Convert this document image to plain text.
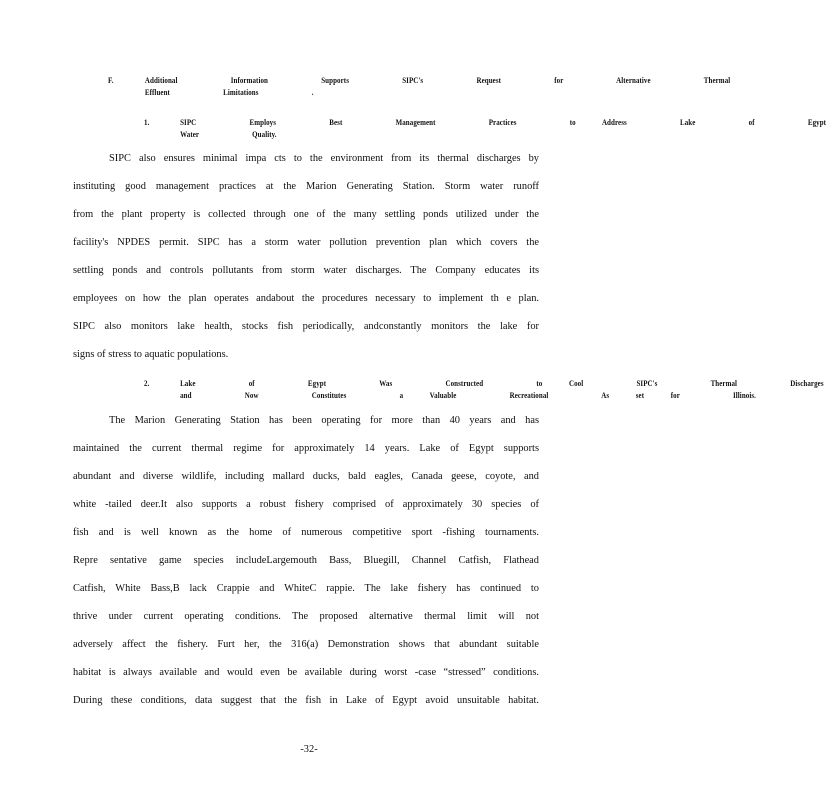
F.	Additional    Information    Supports    SIPC's    Request    for    Alternative    Thermal
Effluent    Limitations    .
1.	SIPC    Employs    Best    Management    Practices    to  Address    Lake    of    Egypt
Water    Quality.
SIPC also ensures minimal impa cts to the environment from its thermal discharges by
instituting good management practices at the Marion Generating Station. Storm water runoff
from the plant property is collected through one of the many settling ponds utilized under the
facility's NPDES permit. SIPC has a storm water pollution prevention plan which covers the
settling ponds and controls pollutants from storm water discharges. The Company educates its
employees on how the plan operates andabout the procedures necessary to implement th e plan.
SIPC also monitors lake health, stocks fish periodically, andconstantly monitors the lake for
signs of stress to aquatic populations.
2.	Lake    of    Egypt    Was    Constructed    to  Cool    SIPC's    Thermal    Discharges
and    Now    Constitutes    a  Valuable    Recreational    As  set  for    Illinois.
The Marion Generating Station has been operating for more than 40 years and has
maintained the current thermal regime for approximately 14 years. Lake of Egypt supports
abundant and diverse wildlife, including mallard ducks, bald eagles, Canada geese, coyote, and
white -tailed deer.It also supports a robust fishery comprised of approximately 30 species of
fish and is well known as the home of numerous competitive sport -fishing tournaments.
Repre sentative game species includeLargemouth Bass, Bluegill, Channel Catfish, Flathead
Catfish, White Bass,B lack Crappie and WhiteC rappie. The lake fishery has continued to
thrive under current operating conditions. The proposed alternative thermal limit will not
adversely affect the fishery. Furt her, the 316(a) Demonstration shows that abundant suitable
habitat is always available and would even be available during worst -case “stressed” conditions.
During these conditions, data suggest that the fish in Lake of Egypt avoid unsuitable habitat.
-32-
